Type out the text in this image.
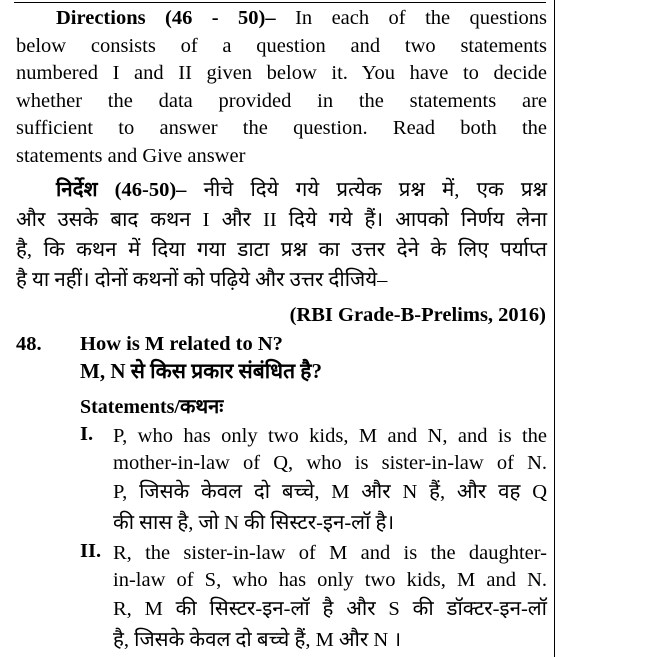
Directions (46 - 50)– In each of the questions
below consists of a question and two statements
numbered I and II given below it. You have to decide
whether the data provided in the statements are
sufficient to answer the question. Read both the
statements and Give answer
निर्देश (46-50)– नीचे दिये गये प्रत्येक प्रश्न में, एक प्रश्न
और उसके बाद कथन I और II दिये गये हैं। आपको निर्णय लेना
है, कि कथन में दिया गया डाटा प्रश्न का उत्तर देने के लिए पर्याप्त
है या नहीं। दोनों कथनों को पढ़िये और उत्तर दीजिये–
(RBI Grade-B-Prelims, 2016)
48. How is M related to N?
M, N से किस प्रकार संबंधित है?
Statements/कथनः
I. P, who has only two kids, M and N, and is the
mother-in-law of Q, who is sister-in-law of N.
P, जिसके केवल दो बच्चे, M और N हैं, और वह Q
की सास है, जो N की सिस्टर-इन-लॉ है।
II. R, the sister-in-law of M and is the daughter-
in-law of S, who has only two kids, M and N.
R, M की सिस्टर-इन-लॉ है और S की डॉक्टर-इन-लॉ
है, जिसके केवल दो बच्चे हैं, M और N ।
